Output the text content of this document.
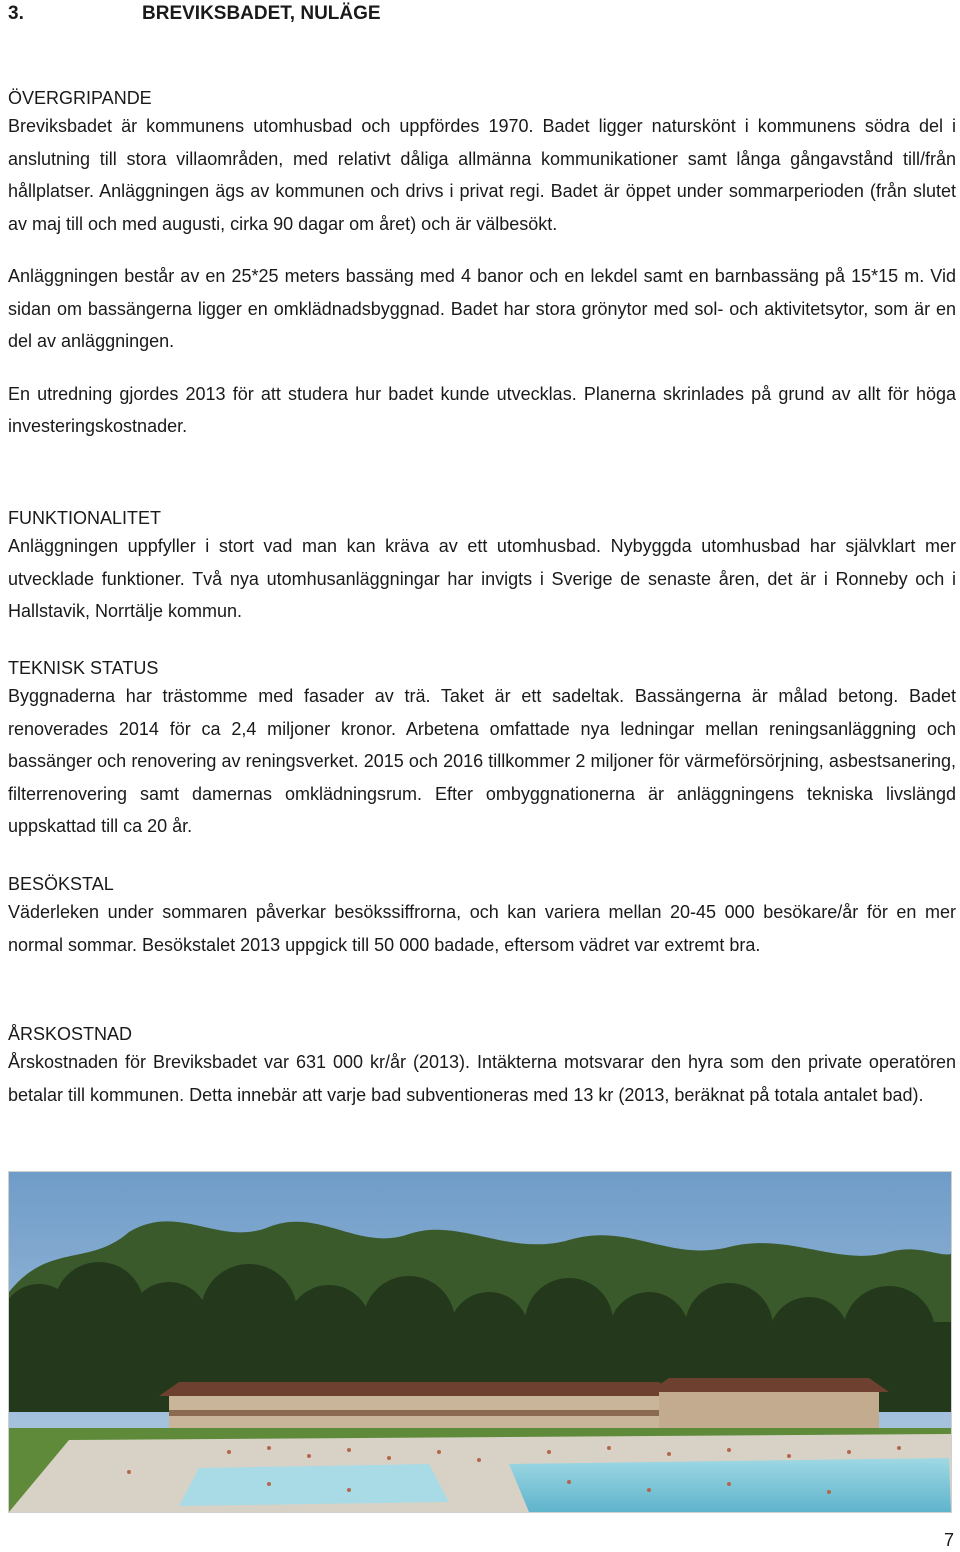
3.	BREVIKSBADET, NULÄGE
ÖVERGRIPANDE

Breviksbadet är kommunens utomhusbad och uppfördes 1970. Badet ligger naturskönt i kommunens södra del i anslutning till stora villaområden, med relativt dåliga allmänna kommunikationer samt långa gångavstånd till/från hållplatser. Anläggningen ägs av kommunen och drivs i privat regi. Badet är öppet under sommarperioden (från slutet av maj till och med augusti, cirka 90 dagar om året) och är välbesökt.

Anläggningen består av en 25*25 meters bassäng med 4 banor och en lekdel samt en barnbassäng på 15*15 m. Vid sidan om bassängerna ligger en omklädnadsbyggnad. Badet har stora grönytor med sol- och aktivitetsytor, som är en del av anläggningen.

En utredning gjordes 2013 för att studera hur badet kunde utvecklas. Planerna skrinlades på grund av allt för höga investeringskostnader.

FUNKTIONALITET

Anläggningen uppfyller i stort vad man kan kräva av ett utomhusbad. Nybyggda utomhusbad har självklart mer utvecklade funktioner. Två nya utomhusanläggningar har invigts i Sverige de senaste åren, det är i Ronneby och i Hallstavik, Norrtälje kommun.

TEKNISK STATUS

Byggnaderna har trästomme med fasader av trä. Taket är ett sadeltak. Bassängerna är målad betong. Badet renoverades 2014 för ca 2,4 miljoner kronor. Arbetena omfattade nya ledningar mellan reningsanläggning och bassänger och renovering av reningsverket. 2015 och 2016 tillkommer 2 miljoner för värmeförsörjning, asbestsanering, filterrenovering samt damernas omklädningsrum. Efter ombyggnationerna är anläggningens tekniska livslängd uppskattad till ca 20 år.

BESÖKSTAL

Väderleken under sommaren påverkar besökssiffrorna, och kan variera mellan 20-45 000 besökare/år för en mer normal sommar. Besökstalet 2013 uppgick till 50 000 badade, eftersom vädret var extremt bra.

ÅRSKOSTNAD

Årskostnaden för Breviksbadet var 631 000 kr/år (2013). Intäkterna motsvarar den hyra som den private operatören betalar till kommunen. Detta innebär att varje bad subventioneras med 13 kr (2013, beräknat på totala antalet bad).

7
